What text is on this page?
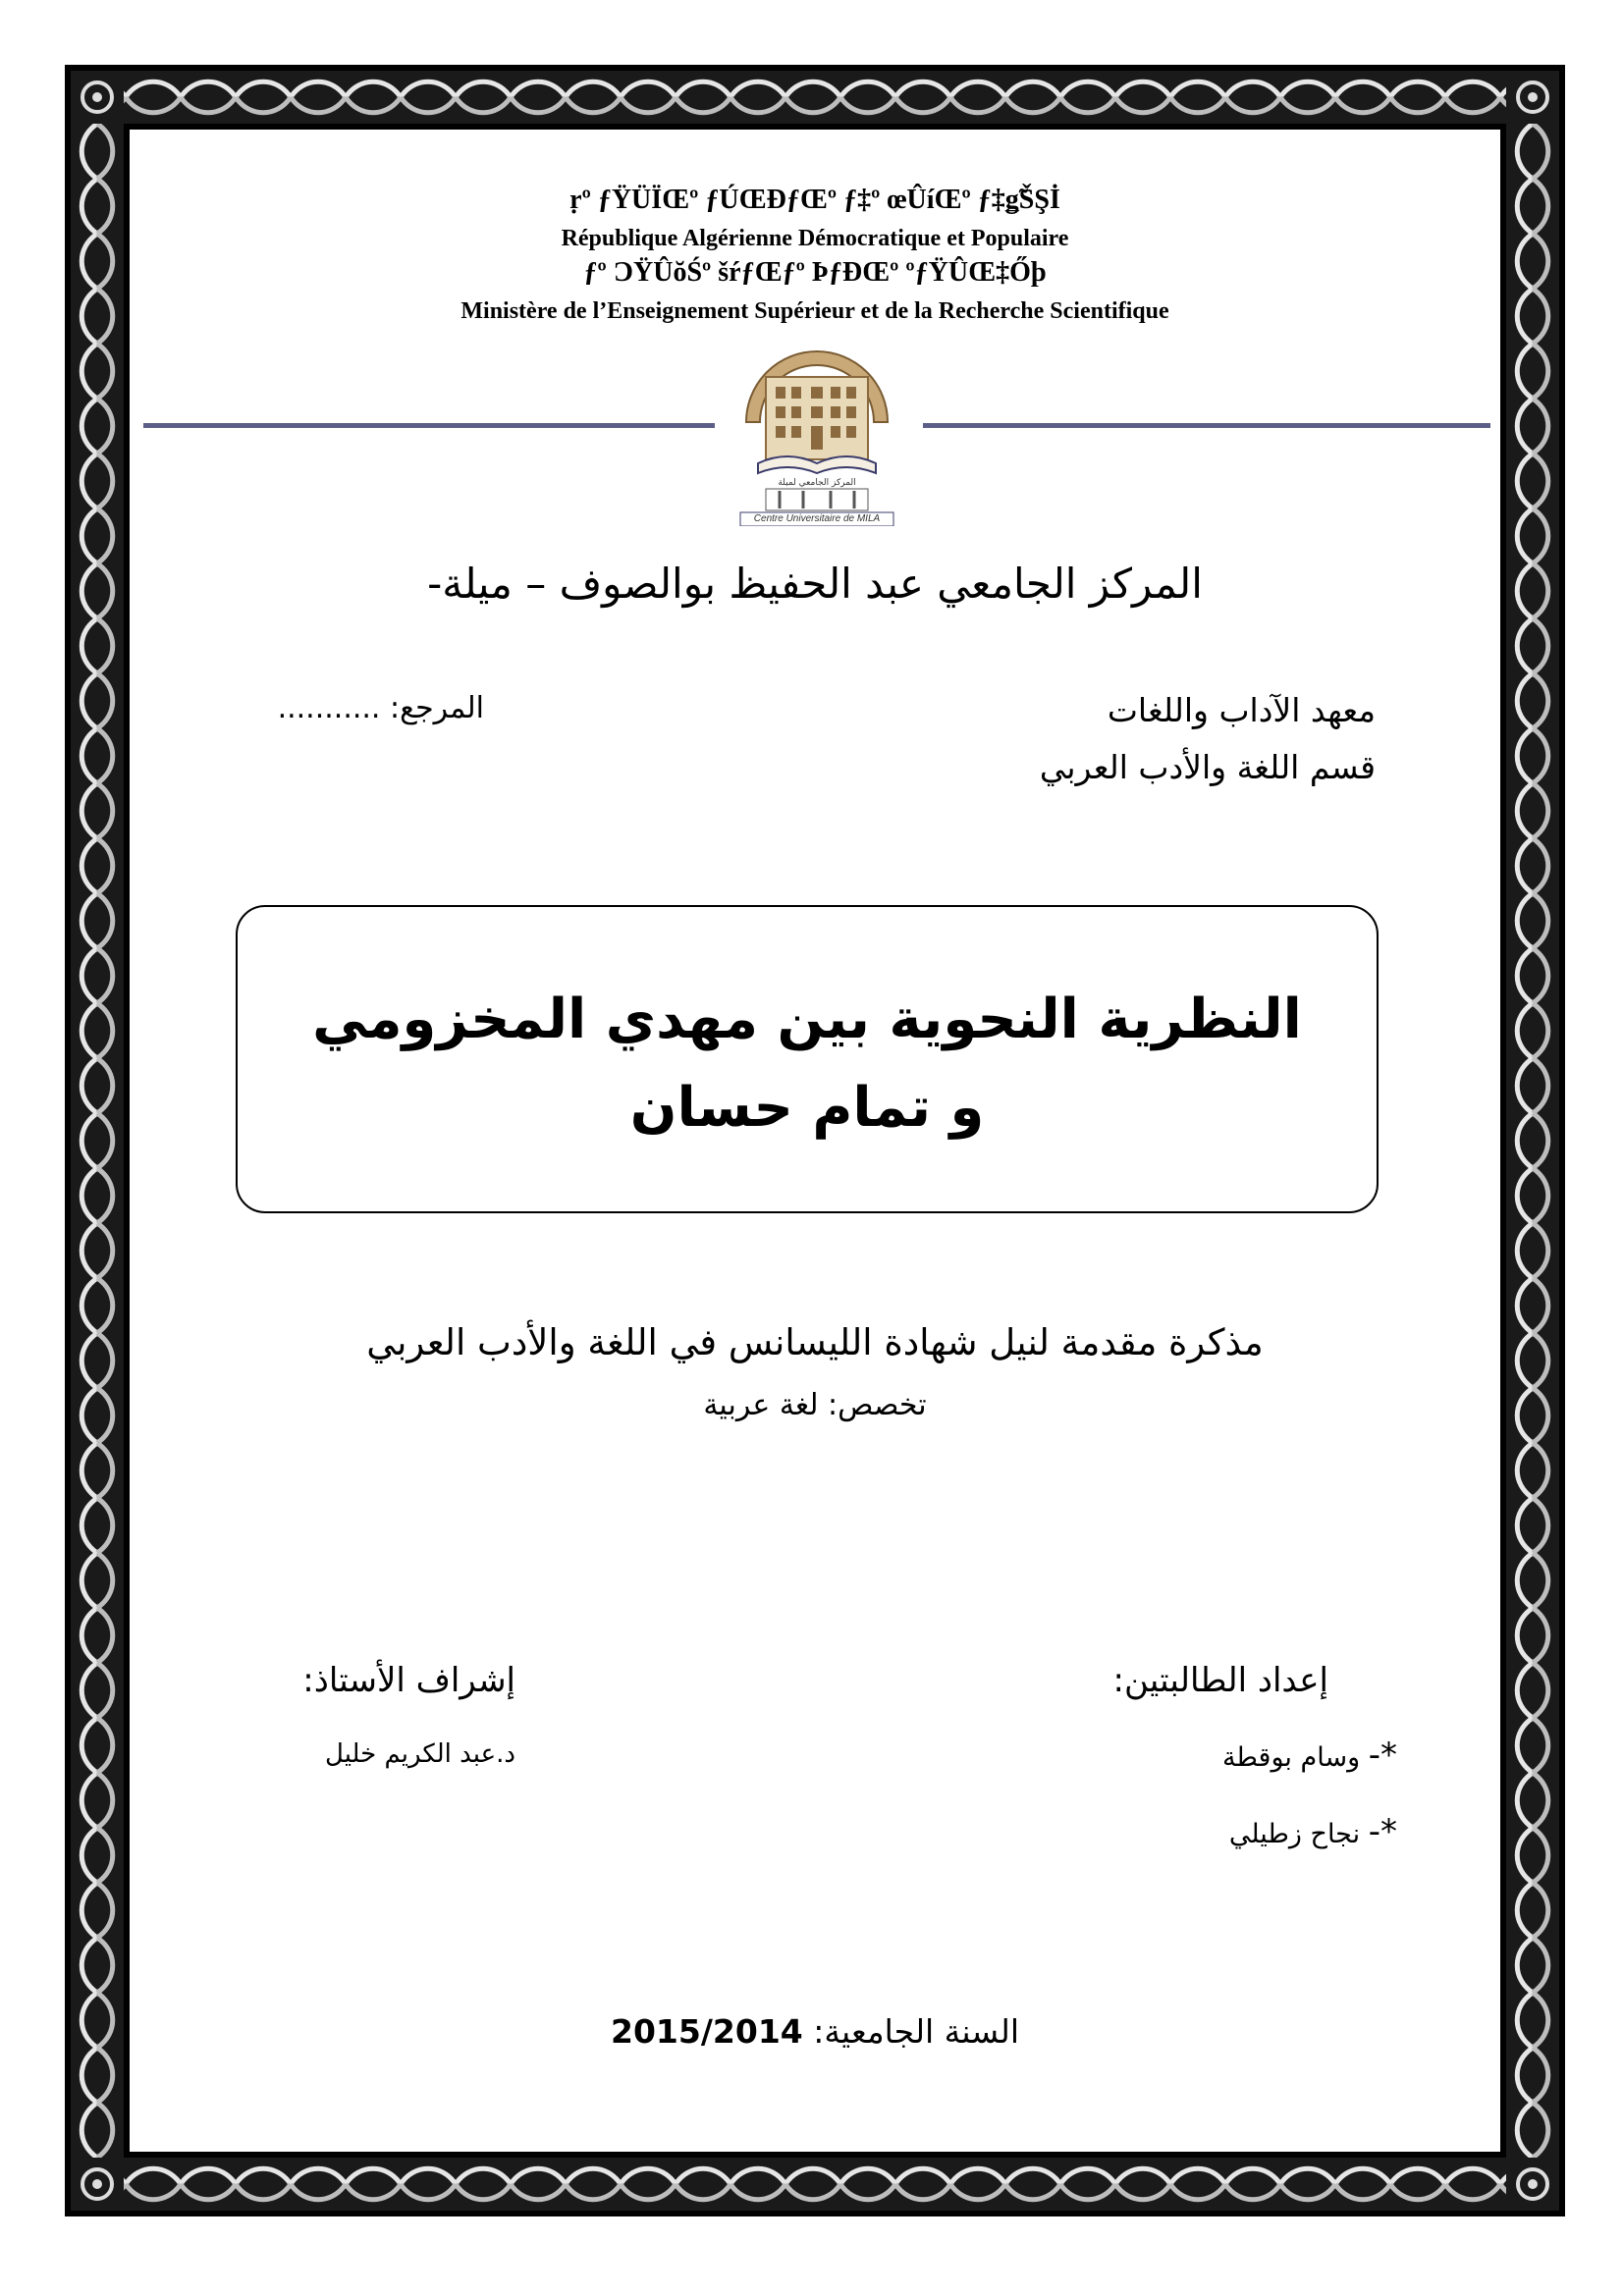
ṛº ƒŸÜÏŒº ƒÚŒÐƒŒº ƒ‡º œÛíŒº ƒ‡ǥ̃ŠŞİ
République Algérienne Démocratique et Populaire
ƒº ƆŸÛŏŚº šŕƒŒƒº ÞƒÐŒº ºƒŸÛŒ‡Őþ
Ministère de l’Enseignement Supérieur et de la Recherche Scientifique
المركز الجامعي لميلة
Centre Universitaire de MILA
المركز الجامعي عبد الحفيظ بوالصوف – ميلة-
معهد الآداب واللغات
قسم اللغة والأدب العربي
المرجع: ...........
النظرية النحوية بين مهدي المخزومي
و تمام حسان
مذكرة مقدمة لنيل شهادة الليسانس في اللغة والأدب العربي
تخصص: لغة عربية
إعداد الطالبتين:
*- وسام بوقطة
*- نجاح زطيلي
إشراف الأستاذ:
د.عبد الكريم خليل
السنة الجامعية: 2015/2014
